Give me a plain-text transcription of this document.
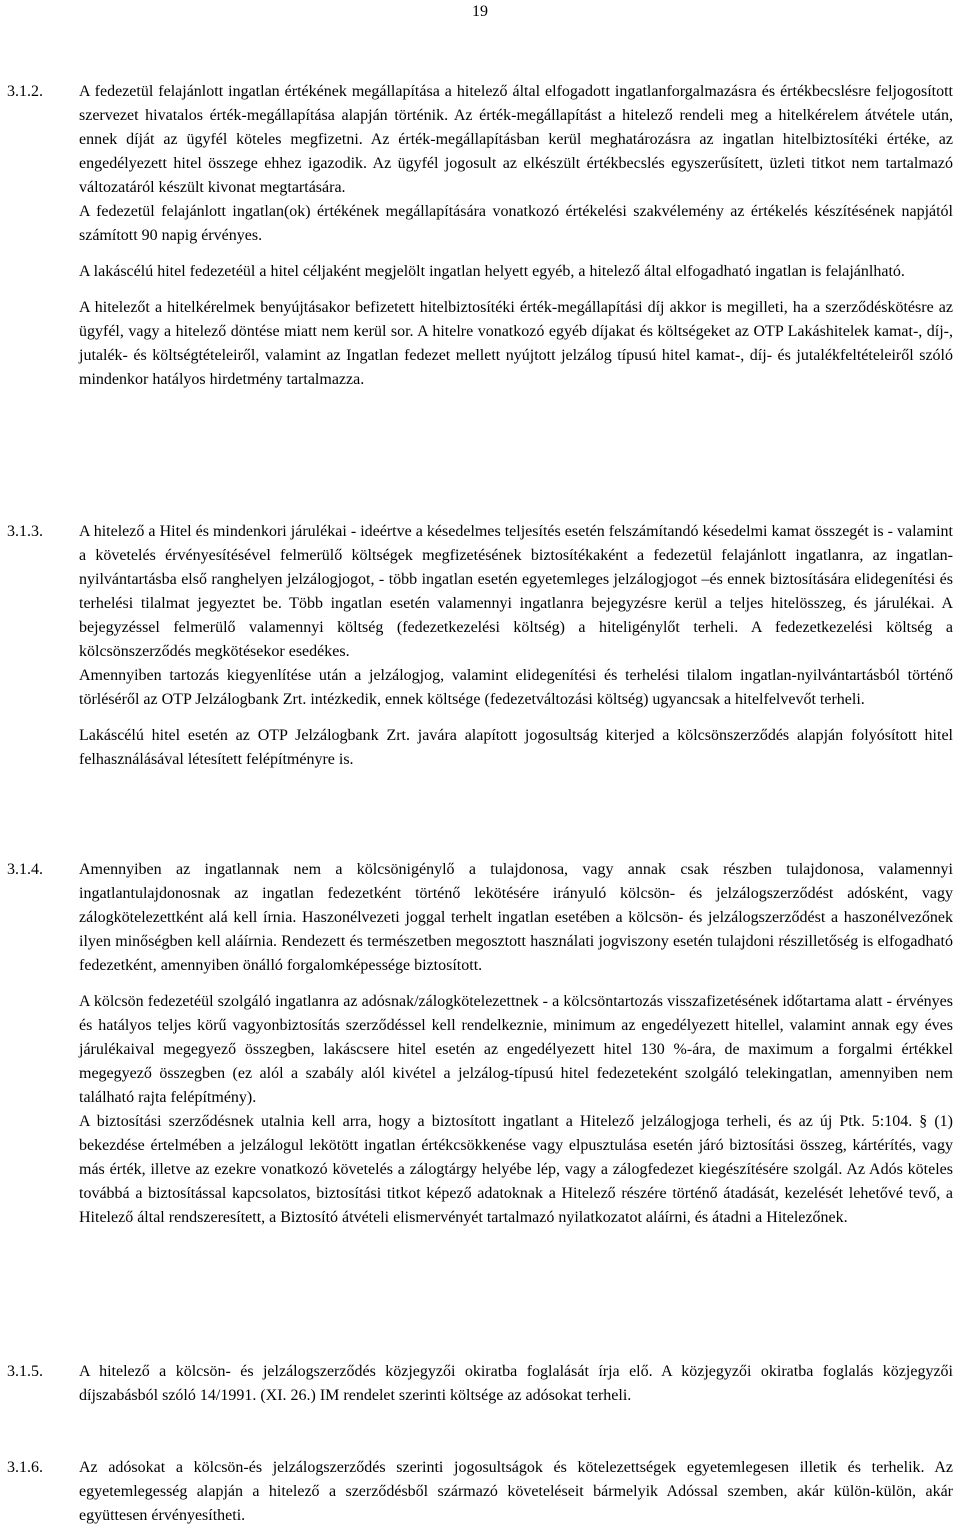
19
3.1.2. A fedezetül felajánlott ingatlan értékének megállapítása a hitelező által elfogadott ingatlanforgalmazásra és értékbecslésre feljogosított szervezet hivatalos érték-megállapítása alapján történik. Az érték-megállapítást a hitelező rendeli meg a hitelkérelem átvétele után, ennek díját az ügyfél köteles megfizetni. Az érték-megállapításban kerül meghatározásra az ingatlan hitelbiztosítéki értéke, az engedélyezett hitel összege ehhez igazodik. Az ügyfél jogosult az elkészült értékbecslés egyszerűsített, üzleti titkot nem tartalmazó változatáról készült kivonat megtartására.

A fedezetül felajánlott ingatlan(ok) értékének megállapítására vonatkozó értékelési szakvélemény az értékelés készítésének napjától számított 90 napig érvényes.

A lakáscélú hitel fedezetéül a hitel céljaként megjelölt ingatlan helyett egyéb, a hitelező által elfogadható ingatlan is felajánlható.

A hitelezőt a hitelkérelmek benyújtásakor befizetett hitelbiztosítéki érték-megállapítási díj akkor is megilleti, ha a szerződéskötésre az ügyfél, vagy a hitelező döntése miatt nem kerül sor. A hitelre vonatkozó egyéb díjakat és költségeket az OTP Lakáshitelek kamat-, díj-, jutalék- és költségtételeiről, valamint az Ingatlan fedezet mellett nyújtott jelzálog típusú hitel kamat-, díj- és jutalékfeltételeiről szóló mindenkor hatályos hirdetmény tartalmazza.

3.1.3. A hitelező a Hitel és mindenkori járulékai - ideértve a késedelmes teljesítés esetén felszámítandó késedelmi kamat összegét is - valamint a követelés érvényesítésével felmerülő költségek megfizetésének biztosítékaként a fedezetül felajánlott ingatlanra, az ingatlan-nyilvántartásba első ranghelyen jelzálogjogot, - több ingatlan esetén egyetemleges jelzálogjogot –és ennek biztosítására elidegenítési és terhelési tilalmat jegyeztet be. Több ingatlan esetén valamennyi ingatlanra bejegyzésre kerül a teljes hitelösszeg, és járulékai. A bejegyzéssel felmerülő valamennyi költség (fedezetkezelési költség) a hiteligénylőt terheli. A fedezetkezelési költség a kölcsönszerződés megkötésekor esedékes.

Amennyiben tartozás kiegyenlítése után a jelzálogjog, valamint elidegenítési és terhelési tilalom ingatlan-nyilvántartásból történő törléséről az OTP Jelzálogbank Zrt. intézkedik, ennek költsége (fedezetváltozási költség) ugyancsak a hitelfelvevőt terheli.

Lakáscélú hitel esetén az OTP Jelzálogbank Zrt. javára alapított jogosultság kiterjed a kölcsönszerződés alapján folyósított hitel felhasználásával létesített felépítményre is.

3.1.4. Amennyiben az ingatlannak nem a kölcsönigénylő a tulajdonosa, vagy annak csak részben tulajdonosa, valamennyi ingatlantulajdonosnak az ingatlan fedezetként történő lekötésére irányuló kölcsön- és jelzálogszerződést adósként, vagy zálogkötelezettként alá kell írnia. Haszonélvezeti joggal terhelt ingatlan esetében a kölcsön- és jelzálogszerződést a haszonélvezőnek ilyen minőségben kell aláírnia. Rendezett és természetben megosztott használati jogviszony esetén tulajdoni részilletőség is elfogadható fedezetként, amennyiben önálló forgalomképessége biztosított.

A kölcsön fedezetéül szolgáló ingatlanra az adósnak/zálogkötelezettnek - a kölcsöntartozás visszafizetésének időtartama alatt - érvényes és hatályos teljes körű vagyonbiztosítás szerződéssel kell rendelkeznie, minimum az engedélyezett hitellel, valamint annak egy éves járulékaival megegyező összegben, lakáscsere hitel esetén az engedélyezett hitel 130 %-ára, de maximum a forgalmi értékkel megegyező összegben (ez alól a szabály alól kivétel a jelzálog-típusú hitel fedezeteként szolgáló telekingatlan, amennyiben nem található rajta felépítmény).

A biztosítási szerződésnek utalnia kell arra, hogy a biztosított ingatlant a Hitelező jelzálogjoga terheli, és az új Ptk. 5:104. § (1) bekezdése értelmében a jelzálogul lekötött ingatlan értékcsökkenése vagy elpusztulása esetén járó biztosítási összeg, kártérítés, vagy más érték, illetve az ezekre vonatkozó követelés a zálogtárgy helyébe lép, vagy a zálogfedezet kiegészítésére szolgál. Az Adós köteles továbbá a biztosítással kapcsolatos, biztosítási titkot képező adatoknak a Hitelező részére történő átadását, kezelését lehetővé tevő, a Hitelező által rendszeresített, a Biztosító átvételi elismervényét tartalmazó nyilatkozatot aláírni, és átadni a Hitelezőnek.

3.1.5. A hitelező a kölcsön- és jelzálogszerződés közjegyzői okiratba foglalását írja elő. A közjegyzői okiratba foglalás közjegyzői díjszabásból szóló 14/1991. (XI. 26.) IM rendelet szerinti költsége az adósokat terheli.

3.1.6. Az adósokat a kölcsön-és jelzálogszerződés szerinti jogosultságok és kötelezettségek egyetemlegesen illetik és terhelik. Az egyetemlegesség alapján a hitelező a szerződésből származó követeléseit bármelyik Adóssal szemben, akár külön-külön, akár együttesen érvényesítheti.
